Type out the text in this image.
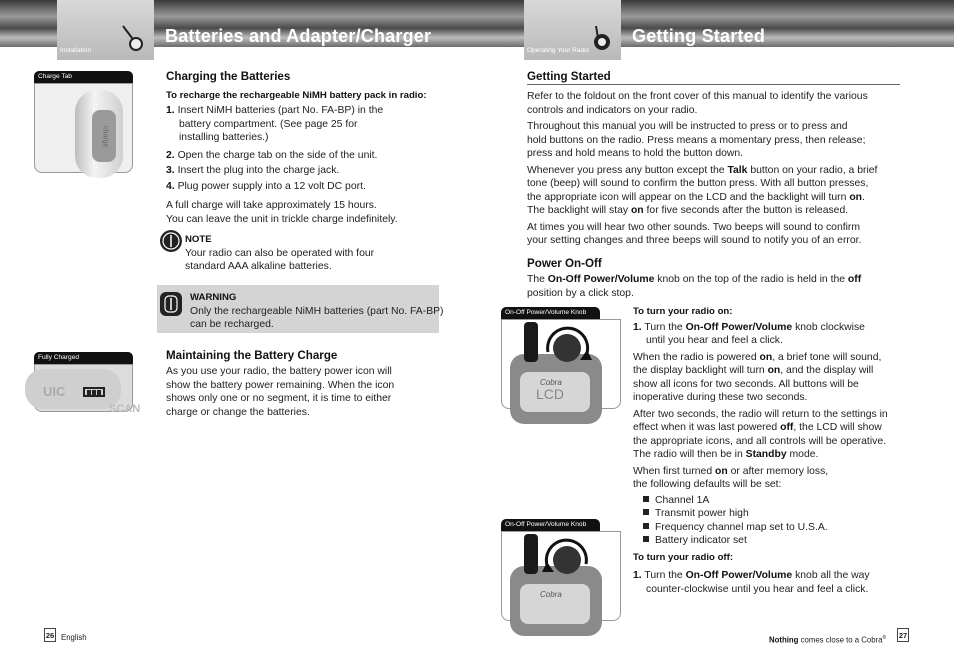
Installation
Batteries and Adapter/Charger
Operating Your Radio
Getting Started
Charge Tab
charge
Charging the Batteries
To recharge the rechargeable NiMH battery pack in radio:
1. Insert NiMH batteries (part No. FA-BP) in the
battery compartment. (See page 25 for
installing batteries.)
2. Open the charge tab on the side of the unit.
3. Insert the plug into the charge jack.
4. Plug power supply into a 12 volt DC port.
A full charge will take approximately 15 hours.
You can leave the unit in trickle charge indefinitely.
NOTE
Your radio can also be operated with four
standard AAA alkaline batteries.
WARNING
Only the rechargeable NiMH batteries (part No. FA-BP)
can be recharged.
Fully Charged
UIC
SCAN
Maintaining the Battery Charge
As you use your radio, the battery power icon will
show the battery power remaining. When the icon
shows only one or no segment, it is time to either
charge or change the batteries.
26 English
Getting Started
Refer to the foldout on the front cover of this manual to identify the various
controls and indicators on your radio.
Throughout this manual you will be instructed to press or to press and
hold buttons on the radio. Press means a momentary press, then release;
press and hold means to hold the button down.
Whenever you press any button except the Talk button on your radio, a brief
tone (beep) will sound to confirm the button press. With all button presses,
the appropriate icon will appear on the LCD and the backlight will turn on.
The backlight will stay on for five seconds after the button is released.
At times you will hear two other sounds. Two beeps will sound to confirm
your setting changes and three beeps will sound to notify you of an error.
Power On-Off
The On-Off Power/Volume knob on the top of the radio is held in the off
position by a click stop.
On-Off Power/Volume Knob
Cobra
LCD
On-Off Power/Volume Knob
Cobra
To turn your radio on:
1. Turn the On-Off Power/Volume knob clockwise
until you hear and feel a click.
When the radio is powered on, a brief tone will sound,
the display backlight will turn on, and the display will
show all icons for two seconds. All buttons will be
inoperative during these two seconds.
After two seconds, the radio will return to the settings in
effect when it was last powered off, the LCD will show
the appropriate icons, and all controls will be operative.
The radio will then be in Standby mode.
When first turned on or after memory loss,
the following defaults will be set:
Channel 1A
Transmit power high
Frequency channel map set to U.S.A.
Battery indicator set
To turn your radio off:
1. Turn the On-Off Power/Volume knob all the way
counter-clockwise until you hear and feel a click.
Nothing comes close to a Cobra® 27
